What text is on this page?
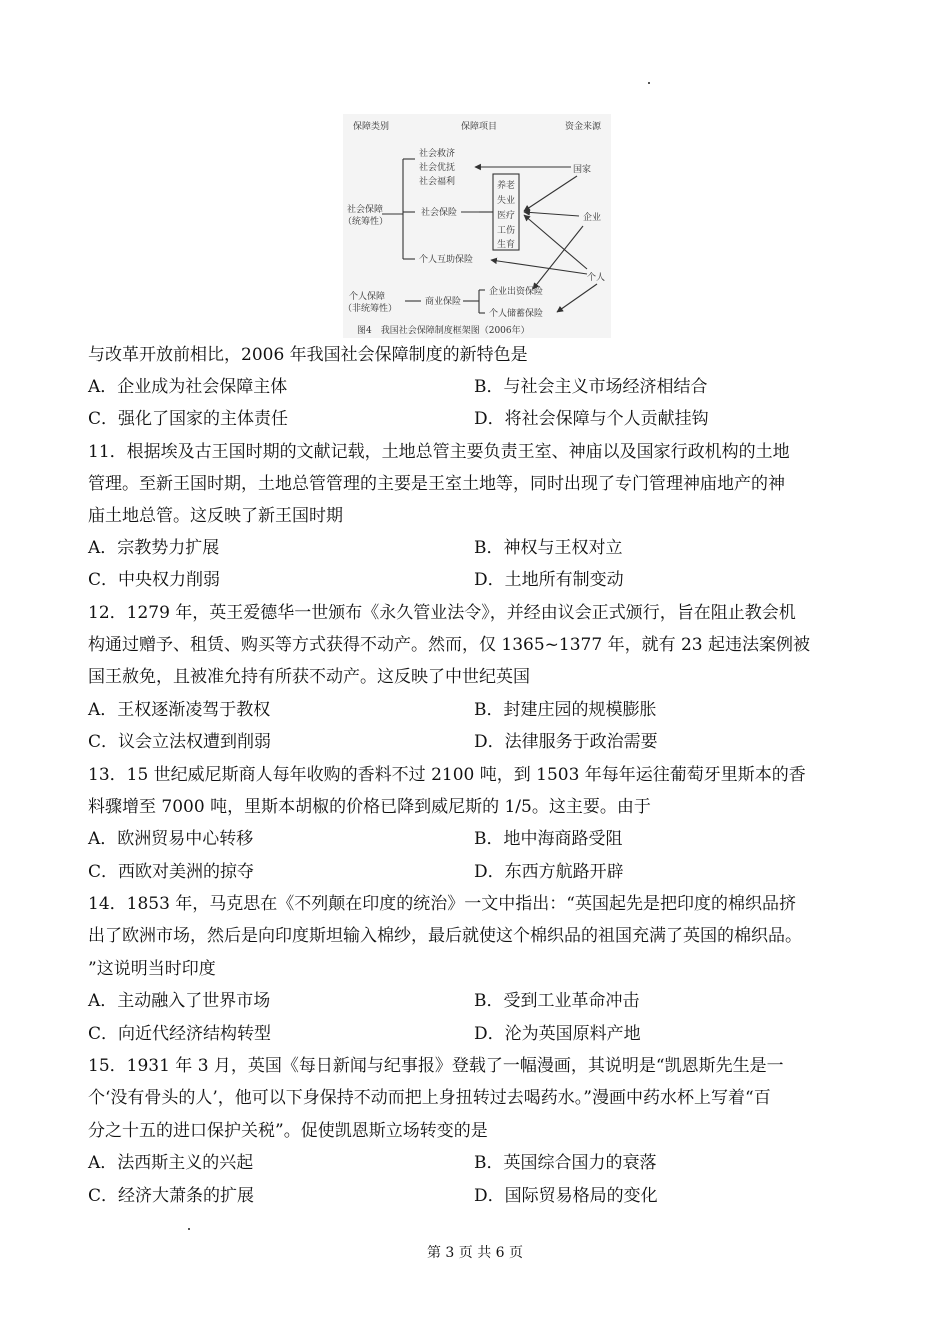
保障类别	保障项目	资金来源
社会保障
（统筹性）
社会救济
社会优抚
社会福利
社会保险
养老
失业
医疗
工伤
生育
个人互助保险
个人保障
（非统筹性）
商业保险
企业出资保险
个人储蓄保险
国家
企业
个人
图4　我国社会保障制度框架图（2006年）
与改革开放前相比，2006 年我国社会保障制度的新特色是
A．企业成为社会保障主体	B．与社会主义市场经济相结合
C．强化了国家的主体责任	D．将社会保障与个人贡献挂钩
11．根据埃及古王国时期的文献记载，土地总管主要负责王室、神庙以及国家行政机构的土地
管理。至新王国时期，土地总管管理的主要是王室土地等，同时出现了专门管理神庙地产的神
庙土地总管。这反映了新王国时期
A．宗教势力扩展	B．神权与王权对立
C．中央权力削弱	D．土地所有制变动
12．1279 年，英王爱德华一世颁布《永久管业法令》，并经由议会正式颁行，旨在阻止教会机
构通过赠予、租赁、购买等方式获得不动产。然而，仅 1365~1377 年，就有 23 起违法案例被
国王赦免，且被准允持有所获不动产。这反映了中世纪英国
A．王权逐渐凌驾于教权	B．封建庄园的规模膨胀
C．议会立法权遭到削弱	D．法律服务于政治需要
13．15 世纪威尼斯商人每年收购的香料不过 2100 吨，到 1503 年每年运往葡萄牙里斯本的香
料骤增至 7000 吨，里斯本胡椒的价格已降到威尼斯的 1/5。这主要。由于
A．欧洲贸易中心转移	B．地中海商路受阻
C．西欧对美洲的掠夺	D．东西方航路开辟
14．1853 年，马克思在《不列颠在印度的统治》一文中指出：“英国起先是把印度的棉织品挤
出了欧洲市场，然后是向印度斯坦输入棉纱，最后就使这个棉织品的祖国充满了英国的棉织品。
”这说明当时印度
A．主动融入了世界市场	B．受到工业革命冲击
C．向近代经济结构转型	D．沦为英国原料产地
15．1931 年 3 月，英国《每日新闻与纪事报》登载了一幅漫画，其说明是“凯恩斯先生是一
个‘没有骨头的人’，他可以下身保持不动而把上身扭转过去喝药水。”漫画中药水杯上写着“百
分之十五的进口保护关税”。促使凯恩斯立场转变的是
A．法西斯主义的兴起	B．英国综合国力的衰落
C．经济大萧条的扩展	D．国际贸易格局的变化
第 3 页 共 6 页
